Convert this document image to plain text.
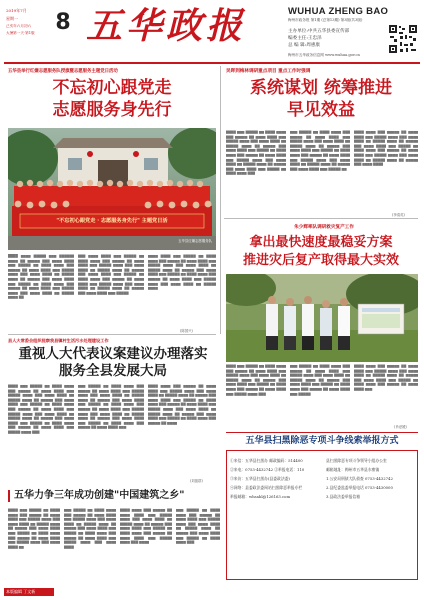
2019年7月
星期一
己亥年六月初六
大暑第一天·第1版 8 五华政报	WUHUA ZHENG BAO
梅州市政务报 第1期 (总第13期) 第3版(共3版)
主办单位:中共五华县委宣传部
编委主任:王忠泽
总 编 辑:周惠康
梅州市五华政务信息网 www.wuhua.gov.cn
五华县举行红嫌志愿服务队授旗暨志愿服务主题党日活动
不忘初心跟党走
志愿服务身先行
"不忘初心跟党走 · 志愿服务身先行" 主题党日活
五华县红嫌志愿服务队
████ ▆▆▆▆ ▇▇▇▇▇ ▆▆▆ ▇▇▇▇▇▇ ▆▆▆▆ ▇▇ ▆▆▆▆▆ ▇▇▇ ▆▆▆▆ ▇▇▇▇ ▆▆▆ ▇▇▇▇▇ ▆▆ ▇▇▇▇ ▆▆▆▆ ▇▇▇ ▆▆▆▆▆ ▇▇ ▆▆▆▆ ▇▇▇▇ ▆▆▆ ▇▇▇▇▇ ▆▆▆▆ ▇▇▇ ▆▆▆▆ ▇▇▇▇ ▆▆ ▇▇▇▇▇ ▆▆▆▆ ▇▇ ▆▆▆▆▆ ▇▇▇ ▆▆▆▆ ▇▇▇▇ ▆▆▆ ▇▇▇▇▇ ▆▆ ▇▇▇▇ ▆▆▆▆ ▇▇▇ ▆▆▆▆▆ ▇▇ ▆▆▆▆ ▇▇▇▇ ▆▆▆ ▇▇▇▇▇ ▆▆▆▆ ▇▇▇ ▆▆▆▆ ▇▇▇▇ ▆▆ ▇▇▇▇▇ ▆▆▆▆ ▇▇
▇▇▇ ▆▆▆▆ ▇▇▇▇ ▆▆▆ ▇▇▇▇▇ ▆▆ ▇▇▇▇ ▆▆▆▆ ▇▇▇ ▆▆▆▆▆ ▇▇ ▆▆▆▆ ▇▇▇▇ ▆▆▆ ▇▇▇▇▇ ▆▆▆▆ ▇▇▇ ▆▆▆▆ ▇▇▇▇ ▆▆ ▇▇▇▇▇ ▆▆▆▆ ▇▇ ▆▆▆▆▆ ▇▇▇ ▆▆▆▆ ▇▇▇▇ ▆▆▆ ▇▇▇▇▇ ▆▆ ▇▇▇▇ ▆▆▆▆ ▇▇▇ ▆▆▆▆▆ ▇▇ ▆▆▆▆ ▇▇▇▇ ▆▆▆ ▇▇▇▇▇ ▆▆▆▆ ▇▇▇ ▆▆▆▆ ▇▇▇▇ ▆▆ ▇▇▇▇▇ ▆▆▆▆ ▇▇ ▆▆▆▆▆ ▇▇▇ ▆▆▆▆ ▇▇▇▇ ▆▆▆ ▇▇▇▇▇
▆▆▆▆ ▇▇▇▇ ▆▆▆ ▇▇▇▇▇ ▆▆ ▇▇▇▇ ▆▆▆▆ ▇▇▇ ▆▆▆▆▆ ▇▇ ▆▆▆▆ ▇▇▇▇ ▆▆▆ ▇▇▇▇▇ ▆▆▆▆ ▇▇▇ ▆▆▆▆ ▇▇▇▇ ▆▆ ▇▇▇▇▇ ▆▆▆▆ ▇▇ ▆▆▆▆▆ ▇▇▇ ▆▆▆▆ ▇▇▇▇ ▆▆▆ ▇▇▇▇▇ ▆▆ ▇▇▇▇ ▆▆▆▆ ▇▇▇ ▆▆▆▆▆ ▇▇ ▆▆▆▆ ▇▇▇▇ ▆▆▆ ▇▇▇▇▇ ▆▆▆▆ ▇▇▇ ▆▆▆▆ ▇▇▇▇ ▆▆ ▇▇▇▇▇ ▆▆▆▆
(陈国兴)
吴晖到梅林调研重点项目 重点工作时强调
系统谋划 统筹推进
早见效益
▇▇▇▇ ▆▆▆ ▇▇▇▇▇ ▆▆ ▇▇▇▇ ▆▆▆▆ ▇▇▇ ▆▆▆▆▆ ▇▇ ▆▆▆▆ ▇▇▇▇ ▆▆▆ ▇▇▇▇▇ ▆▆▆▆ ▇▇▇ ▆▆▆▆ ▇▇▇▇ ▆▆ ▇▇▇▇▇ ▆▆▆▆ ▇▇ ▆▆▆▆▆ ▇▇▇ ▆▆▆▆ ▇▇▇▇ ▆▆▆ ▇▇▇▇▇ ▆▆ ▇▇▇▇ ▆▆▆▆ ▇▇▇ ▆▆▆▆▆ ▇▇ ▆▆▆▆ ▇▇▇▇ ▆▆▆ ▇▇▇▇▇ ▆▆▆▆ ▇▇▇ ▆▆▆▆ ▇▇▇▇ ▆▆ ▇▇▇▇▇ ▆▆▆▆ ▇▇ ▆▆▆▆▆ ▇▇▇ ▆▆▆▆ ▇▇▇▇ ▆▆▆ ▇▇▇▇▇ ▆▆ ▇▇▇▇ ▆▆▆▆ ▇▇▇
▆▆▆ ▇▇▇▇▇ ▆▆ ▇▇▇▇ ▆▆▆▆ ▇▇▇ ▆▆▆▆▆ ▇▇ ▆▆▆▆ ▇▇▇▇ ▆▆▆ ▇▇▇▇▇ ▆▆▆▆ ▇▇▇ ▆▆▆▆ ▇▇▇▇ ▆▆ ▇▇▇▇▇ ▆▆▆▆ ▇▇ ▆▆▆▆▆ ▇▇▇ ▆▆▆▆ ▇▇▇▇ ▆▆▆ ▇▇▇▇▇ ▆▆ ▇▇▇▇ ▆▆▆▆ ▇▇▇ ▆▆▆▆▆ ▇▇ ▆▆▆▆ ▇▇▇▇ ▆▆▆ ▇▇▇▇▇ ▆▆▆▆ ▇▇▇ ▆▆▆▆ ▇▇▇▇ ▆▆ ▇▇▇▇▇ ▆▆▆▆ ▇▇ ▆▆▆▆▆ ▇▇▇ ▆▆▆▆ ▇▇▇▇ ▆▆▆ ▇▇▇▇▇ ▆▆
▇▇▇▇ ▆▆▆▆ ▇▇▇ ▆▆▆▆▆ ▇▇ ▆▆▆▆ ▇▇▇▇ ▆▆▆ ▇▇▇▇▇ ▆▆▆▆ ▇▇▇ ▆▆▆▆ ▇▇▇▇ ▆▆ ▇▇▇▇▇ ▆▆▆▆ ▇▇ ▆▆▆▆▆ ▇▇▇ ▆▆▆▆ ▇▇▇▇ ▆▆▆ ▇▇▇▇▇ ▆▆ ▇▇▇▇ ▆▆▆▆ ▇▇▇ ▆▆▆▆▆ ▇▇ ▆▆▆▆ ▇▇▇▇ ▆▆▆ ▇▇▇▇▇ ▆▆▆▆ ▇▇▇ ▆▆▆▆ ▇▇▇▇ ▆▆ ▇▇▇▇▇ ▆▆▆▆ ▇▇ ▆▆▆▆▆ ▇▇▇ ▆▆▆▆ ▇▇▇▇
(李清英)
朱少辉率队调研救灾复产工作
拿出最快速度最稳妥方案
推进灾后复产取得最大实效
▇▇▇▇ ▆▆▆ ▇▇▇▇▇ ▆▆ ▇▇▇▇ ▆▆▆▆ ▇▇▇ ▆▆▆▆▆ ▇▇ ▆▆▆▆ ▇▇▇▇ ▆▆▆ ▇▇▇▇▇ ▆▆▆▆ ▇▇▇ ▆▆▆▆ ▇▇▇▇ ▆▆ ▇▇▇▇▇ ▆▆▆▆ ▇▇ ▆▆▆▆▆ ▇▇▇ ▆▆▆▆ ▇▇▇▇ ▆▆▆ ▇▇▇▇▇ ▆▆ ▇▇▇▇ ▆▆▆▆ ▇▇▇ ▆▆▆▆▆ ▇▇ ▆▆▆▆ ▇▇▇▇ ▆▆▆ ▇▇▇▇▇ ▆▆▆▆ ▇▇▇
▆▆▆ ▇▇▇▇▇ ▆▆ ▇▇▇▇ ▆▆▆▆ ▇▇▇ ▆▆▆▆▆ ▇▇ ▆▆▆▆ ▇▇▇▇ ▆▆▆ ▇▇▇▇▇ ▆▆▆▆ ▇▇▇ ▆▆▆▆ ▇▇▇▇ ▆▆ ▇▇▇▇▇ ▆▆▆▆ ▇▇ ▆▆▆▆▆ ▇▇▇ ▆▆▆▆ ▇▇▇▇ ▆▆▆ ▇▇▇▇▇ ▆▆ ▇▇▇▇ ▆▆▆▆ ▇▇▇ ▆▆▆▆▆ ▇▇ ▆▆▆▆ ▇▇▇▇ ▆▆▆ ▇▇▇▇▇
▇▇▇▇ ▆▆▆▆ ▇▇▇ ▆▆▆▆▆ ▇▇ ▆▆▆▆ ▇▇▇▇ ▆▆▆ ▇▇▇▇▇ ▆▆▆▆ ▇▇▇ ▆▆▆▆ ▇▇▇▇ ▆▆ ▇▇▇▇▇ ▆▆▆▆ ▇▇ ▆▆▆▆▆ ▇▇▇ ▆▆▆▆ ▇▇▇▇ ▆▆▆ ▇▇▇▇▇ ▆▆ ▇▇▇▇ ▆▆▆▆ ▇▇▇ ▆▆▆▆▆ ▇▇ ▆▆▆▆ ▇▇▇▇ ▆▆▆
(肖爱媛)
县人大常委会组织视察我县镇村生活污水处理建设工作
重视人大代表议案建议办理落实
服务全县发展大局
▇▇▇▇ ▆▆▆ ▇▇▇▇▇ ▆▆ ▇▇▇▇ ▆▆▆▆ ▇▇▇ ▆▆▆▆▆ ▇▇ ▆▆▆▆ ▇▇▇▇ ▆▆▆ ▇▇▇▇▇ ▆▆▆▆ ▇▇▇ ▆▆▆▆ ▇▇▇▇ ▆▆ ▇▇▇▇▇ ▆▆▆▆ ▇▇ ▆▆▆▆▆ ▇▇▇ ▆▆▆▆ ▇▇▇▇ ▆▆▆ ▇▇▇▇▇ ▆▆ ▇▇▇▇ ▆▆▆▆ ▇▇▇ ▆▆▆▆▆ ▇▇ ▆▆▆▆ ▇▇▇▇ ▆▆▆ ▇▇▇▇▇ ▆▆▆▆ ▇▇▇ ▆▆▆▆ ▇▇▇▇ ▆▆ ▇▇▇▇▇ ▆▆▆▆ ▇▇ ▆▆▆▆▆ ▇▇▇ ▆▆▆▆ ▇▇▇▇ ▆▆▆ ▇▇▇▇▇ ▆▆ ▇▇▇▇ ▆▆▆▆ ▇▇▇ ▆▆▆▆▆ ▇▇ ▆▆▆▆ ▇▇▇▇ ▆▆▆ ▇▇▇▇▇ ▆▆▆▆ ▇▇▇
▆▆▆ ▇▇▇▇▇ ▆▆ ▇▇▇▇ ▆▆▆▆ ▇▇▇ ▆▆▆▆▆ ▇▇ ▆▆▆▆ ▇▇▇▇ ▆▆▆ ▇▇▇▇▇ ▆▆▆▆ ▇▇▇ ▆▆▆▆ ▇▇▇▇ ▆▆ ▇▇▇▇▇ ▆▆▆▆ ▇▇ ▆▆▆▆▆ ▇▇▇ ▆▆▆▆ ▇▇▇▇ ▆▆▆ ▇▇▇▇▇ ▆▆ ▇▇▇▇ ▆▆▆▆ ▇▇▇ ▆▆▆▆▆ ▇▇ ▆▆▆▆ ▇▇▇▇ ▆▆▆ ▇▇▇▇▇ ▆▆▆▆ ▇▇▇ ▆▆▆▆ ▇▇▇▇ ▆▆ ▇▇▇▇▇ ▆▆▆▆ ▇▇ ▆▆▆▆▆ ▇▇▇ ▆▆▆▆ ▇▇▇▇ ▆▆▆ ▇▇▇▇▇ ▆▆ ▇▇▇▇ ▆▆▆▆ ▇▇▇ ▆▆▆▆▆ ▇▇ ▆▆▆▆ ▇▇▇▇ ▆▆▆
▇▇▇▇ ▆▆▆▆ ▇▇▇ ▆▆▆▆▆ ▇▇ ▆▆▆▆ ▇▇▇▇ ▆▆▆ ▇▇▇▇▇ ▆▆▆▆ ▇▇▇ ▆▆▆▆ ▇▇▇▇ ▆▆ ▇▇▇▇▇ ▆▆▆▆ ▇▇ ▆▆▆▆▆ ▇▇▇ ▆▆▆▆ ▇▇▇▇ ▆▆▆ ▇▇▇▇▇ ▆▆ ▇▇▇▇ ▆▆▆▆ ▇▇▇ ▆▆▆▆▆ ▇▇ ▆▆▆▆ ▇▇▇▇ ▆▆▆ ▇▇▇▇▇ ▆▆▆▆ ▇▇▇ ▆▆▆▆ ▇▇▇▇ ▆▆ ▇▇▇▇▇ ▆▆▆▆ ▇▇ ▆▆▆▆▆ ▇▇▇ ▆▆▆▆ ▇▇▇▇ ▆▆▆ ▇▇▇▇▇ ▆▆ ▇▇▇▇ ▆▆▆▆ ▇▇▇ ▆▆▆▆▆ ▇▇ ▆▆▆▆
(刘振群)
五华力争三年成功创建"中国建筑之乡"
▇▇▇▇ ▆▆▆ ▇▇▇▇▇ ▆▆ ▇▇▇▇ ▆▆▆▆ ▇▇▇ ▆▆▆▆▆ ▇▇ ▆▆▆▆ ▇▇▇▇ ▆▆▆ ▇▇▇▇▇ ▆▆▆▆ ▇▇▇ ▆▆▆▆ ▇▇▇▇ ▆▆ ▇▇▇▇▇ ▆▆▆▆ ▇▇ ▆▆▆▆▆ ▇▇▇ ▆▆▆▆ ▇▇▇▇ ▆▆▆ ▇▇▇▇▇ ▆▆ ▇▇▇▇ ▆▆▆▆ ▇▇▇ ▆▆▆▆▆ ▇▇ ▆▆▆▆ ▇▇▇▇ ▆▆▆ ▇▇▇▇▇ ▆▆▆▆ ▇▇▇ ▆▆▆▆ ▇▇▇▇ ▆▆
▆▆▆ ▇▇▇▇▇ ▆▆ ▇▇▇▇ ▆▆▆▆ ▇▇▇ ▆▆▆▆▆ ▇▇ ▆▆▆▆ ▇▇▇▇ ▆▆▆ ▇▇▇▇▇ ▆▆▆▆ ▇▇▇ ▆▆▆▆ ▇▇▇▇ ▆▆ ▇▇▇▇▇ ▆▆▆▆ ▇▇ ▆▆▆▆▆ ▇▇▇ ▆▆▆▆ ▇▇▇▇ ▆▆▆ ▇▇▇▇▇ ▆▆ ▇▇▇▇ ▆▆▆▆ ▇▇▇ ▆▆▆▆▆ ▇▇ ▆▆▆▆ ▇▇▇▇ ▆▆▆ ▇▇▇▇▇ ▆▆▆▆ ▇▇▇ ▆▆▆▆ ▇▇▇▇
▇▇▇▇ ▆▆▆▆ ▇▇▇ ▆▆▆▆▆ ▇▇ ▆▆▆▆ ▇▇▇▇ ▆▆▆ ▇▇▇▇▇ ▆▆▆▆ ▇▇▇ ▆▆▆▆ ▇▇▇▇ ▆▆ ▇▇▇▇▇ ▆▆▆▆ ▇▇ ▆▆▆▆▆ ▇▇▇ ▆▆▆▆ ▇▇▇▇ ▆▆▆ ▇▇▇▇▇ ▆▆ ▇▇▇▇ ▆▆▆▆ ▇▇▇ ▆▆▆▆▆ ▇▇ ▆▆▆▆ ▇▇▇▇ ▆▆▆ ▇▇▇▇▇ ▆▆▆▆ ▇▇▇ ▆▆▆▆
▆▆▆ ▇▇▇▇▇ ▆▆ ▇▇▇▇ ▆▆▆▆ ▇▇▇ ▆▆▆▆▆ ▇▇ ▆▆▆▆ ▇▇▇▇ ▆▆▆ ▇▇▇▇▇ ▆▆▆▆ ▇▇▇ ▆▆▆▆ ▇▇▇▇ ▆▆ ▇▇▇▇▇ ▆▆▆▆ ▇▇ ▆▆▆▆▆ ▇▇▇ ▆▆▆▆ ▇▇▇▇ ▆▆▆ ▇▇▇▇▇ ▆▆ ▇▇▇▇ ▆▆▆▆ ▇▇▇
本版编辑 丁文新
五华县扫黑除恶专项斗争线索举报方式
①来信：五华县扫黑办 邮政编码：514400
②来电：0753-4432742 ②举报电话：110
③来访：五华县扫黑办(县委政法委)
④网络：县委政法委网站扫黑除恶举报专栏
举报邮箱：whsahl@126163.com
县扫黑除恶专项斗争领导小组办公室
邮箱地址：梅州市五华县水寨镇
1.公安局刑侦大队侦查 0753-4432742
2.县纪委监委举报电话 0753-4430000
3.县政法委举报信箱
